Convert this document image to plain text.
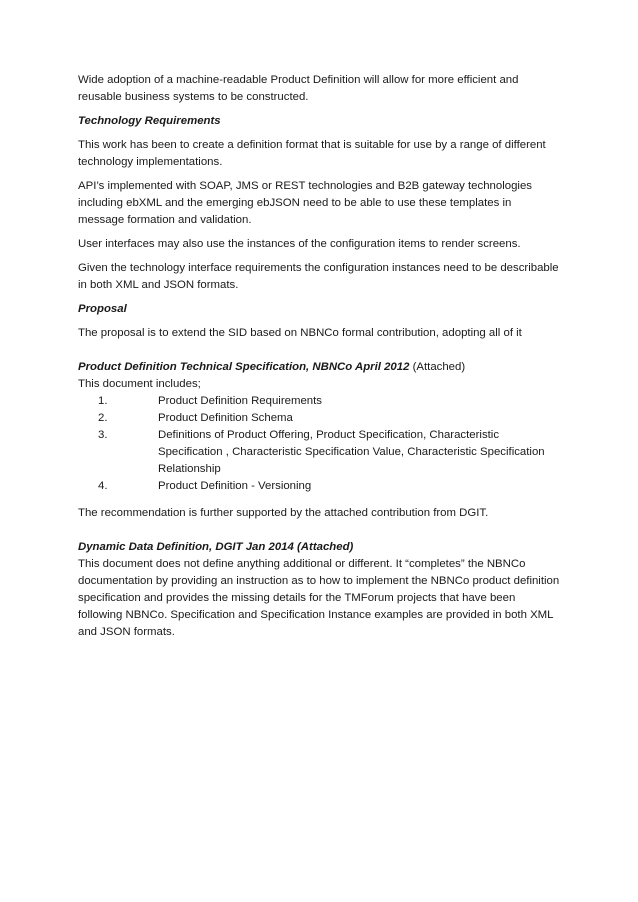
Wide adoption of a machine-readable Product Definition will allow for more efficient and reusable business systems to be constructed.

Technology Requirements

This work has been to create a definition format that is suitable for use by a range of different technology implementations.

API’s implemented with SOAP, JMS or REST technologies and B2B gateway technologies including ebXML and the emerging ebJSON need to be able to use these templates in message formation and validation.

User interfaces may also use the instances of the configuration items to render screens.

Given the technology interface requirements the configuration instances need to be describable in both XML and JSON formats.

Proposal

The proposal is to extend the SID based on NBNCo formal contribution, adopting all of it

Product Definition Technical Specification, NBNCo April 2012 (Attached)

This document includes;

1.	Product Definition Requirements
2.	Product Definition Schema
3.	Definitions of Product Offering, Product Specification, Characteristic Specification , Characteristic Specification Value, Characteristic Specification Relationship
4.	Product Definition - Versioning

The recommendation is further supported by the attached contribution from DGIT.

Dynamic Data Definition, DGIT Jan 2014 (Attached)

This document does not define anything additional or different. It “completes” the NBNCo documentation by providing an instruction as to how to implement the NBNCo product definition specification and provides the missing details for the TMForum projects that have been following NBNCo. Specification and Specification Instance examples are provided in both XML and JSON formats.
